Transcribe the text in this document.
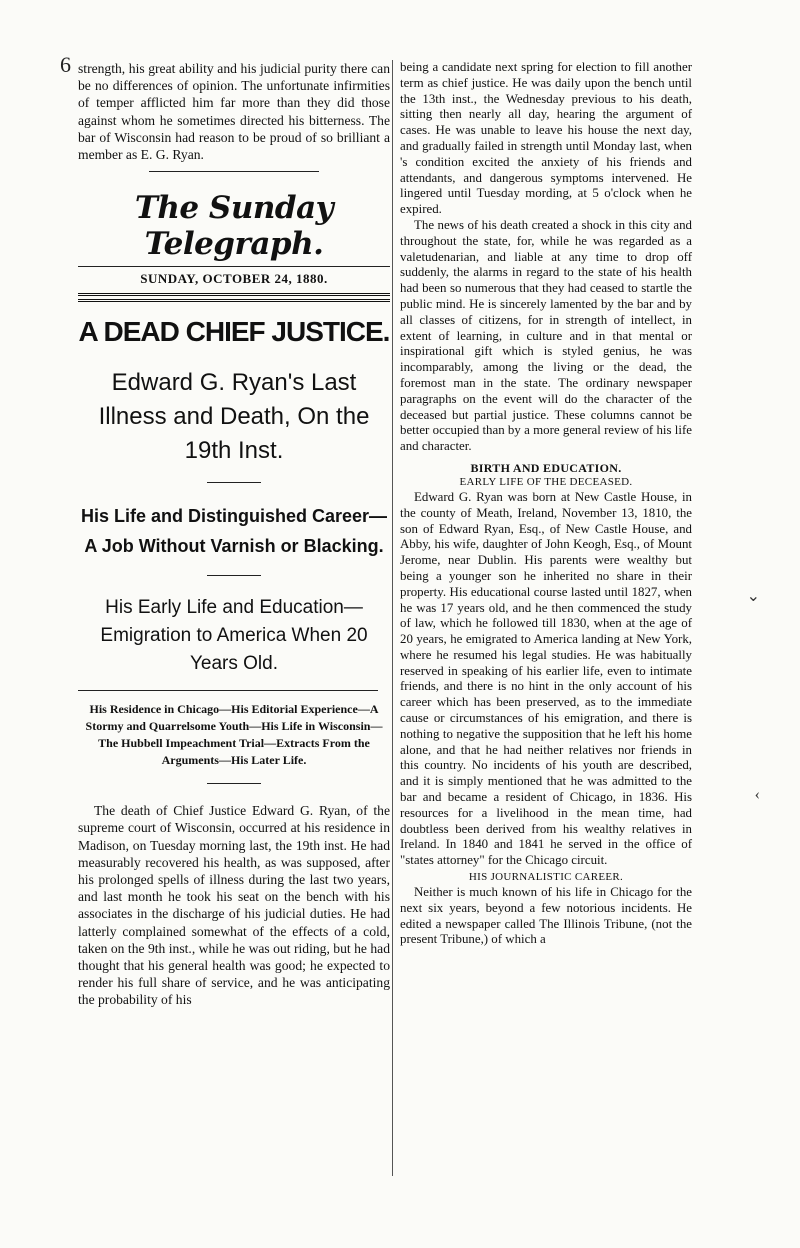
6
⌄
‹

strength, his great ability and his judicial purity there can be no differences of opinion. The unfortunate infirmities of temper afflicted him far more than they did those against whom he sometimes directed his bitterness. The bar of Wisconsin had reason to be proud of so brilliant a member as E. G. Ryan.

The Sunday Telegraph.
SUNDAY, OCTOBER 24, 1880.
A DEAD CHIEF JUSTICE.
Edward G. Ryan's Last Illness and Death, On the 19th Inst.
His Life and Distinguished Career—A Job Without Varnish or Blacking.
His Early Life and Education—Emigration to America When 20 Years Old.
His Residence in Chicago—His Editorial Experience—A Stormy and Quarrelsome Youth—His Life in Wisconsin—The Hubbell Impeachment Trial—Extracts From the Arguments—His Later Life.

The death of Chief Justice Edward G. Ryan, of the supreme court of Wisconsin, occurred at his residence in Madison, on Tuesday morning last, the 19th inst. He had measurably recovered his health, as was supposed, after his prolonged spells of illness during the last two years, and last month he took his seat on the bench with his associates in the discharge of his judicial duties. He had latterly complained somewhat of the effects of a cold, taken on the 9th inst., while he was out riding, but he had thought that his general health was good; he expected to render his full share of service, and he was anticipating the probability of his

being a candidate next spring for election to fill another term as chief justice. He was daily upon the bench until the 13th inst., the Wednesday previous to his death, sitting then nearly all day, hearing the argument of cases. He was unable to leave his house the next day, and gradually failed in strength until Monday last, when 's condition excited the anxiety of his friends and attendants, and dangerous symptoms intervened. He lingered until Tuesday mording, at 5 o'clock when he expired.

The news of his death created a shock in this city and throughout the state, for, while he was regarded as a valetudenarian, and liable at any time to drop off suddenly, the alarms in regard to the state of his health had been so numerous that they had ceased to startle the public mind. He is sincerely lamented by the bar and by all classes of citizens, for in strength of intellect, in extent of learning, in culture and in that mental or inspirational gift which is styled genius, he was incomparably, among the living or the dead, the foremost man in the state. The ordinary newspaper paragraphs on the event will do the character of the deceased but partial justice. These columns cannot be better occupied than by a more general review of his life and character.

BIRTH AND EDUCATION.
EARLY LIFE OF THE DECEASED.

Edward G. Ryan was born at New Castle House, in the county of Meath, Ireland, November 13, 1810, the son of Edward Ryan, Esq., of New Castle House, and Abby, his wife, daughter of John Keogh, Esq., of Mount Jerome, near Dublin. His parents were wealthy but being a younger son he inherited no share in their property. His educational course lasted until 1827, when he was 17 years old, and he then commenced the study of law, which he followed till 1830, when at the age of 20 years, he emigrated to America landing at New York, where he resumed his legal studies. He was habitually reserved in speaking of his earlier life, even to intimate friends, and there is no hint in the only account of his career which has been preserved, as to the immediate cause or circumstances of his emigration, and there is nothing to negative the supposition that he left his home alone, and that he had neither relatives nor friends in this country. No incidents of his youth are described, and it is simply mentioned that he was admitted to the bar and became a resident of Chicago, in 1836. His resources for a livelihood in the mean time, had doubtless been derived from his wealthy relatives in Ireland. In 1840 and 1841 he served in the office of "states attorney" for the Chicago circuit.

HIS JOURNALISTIC CAREER.

Neither is much known of his life in Chicago for the next six years, beyond a few notorious incidents. He edited a newspaper called The Illinois Tribune, (not the present Tribune,) of which a
